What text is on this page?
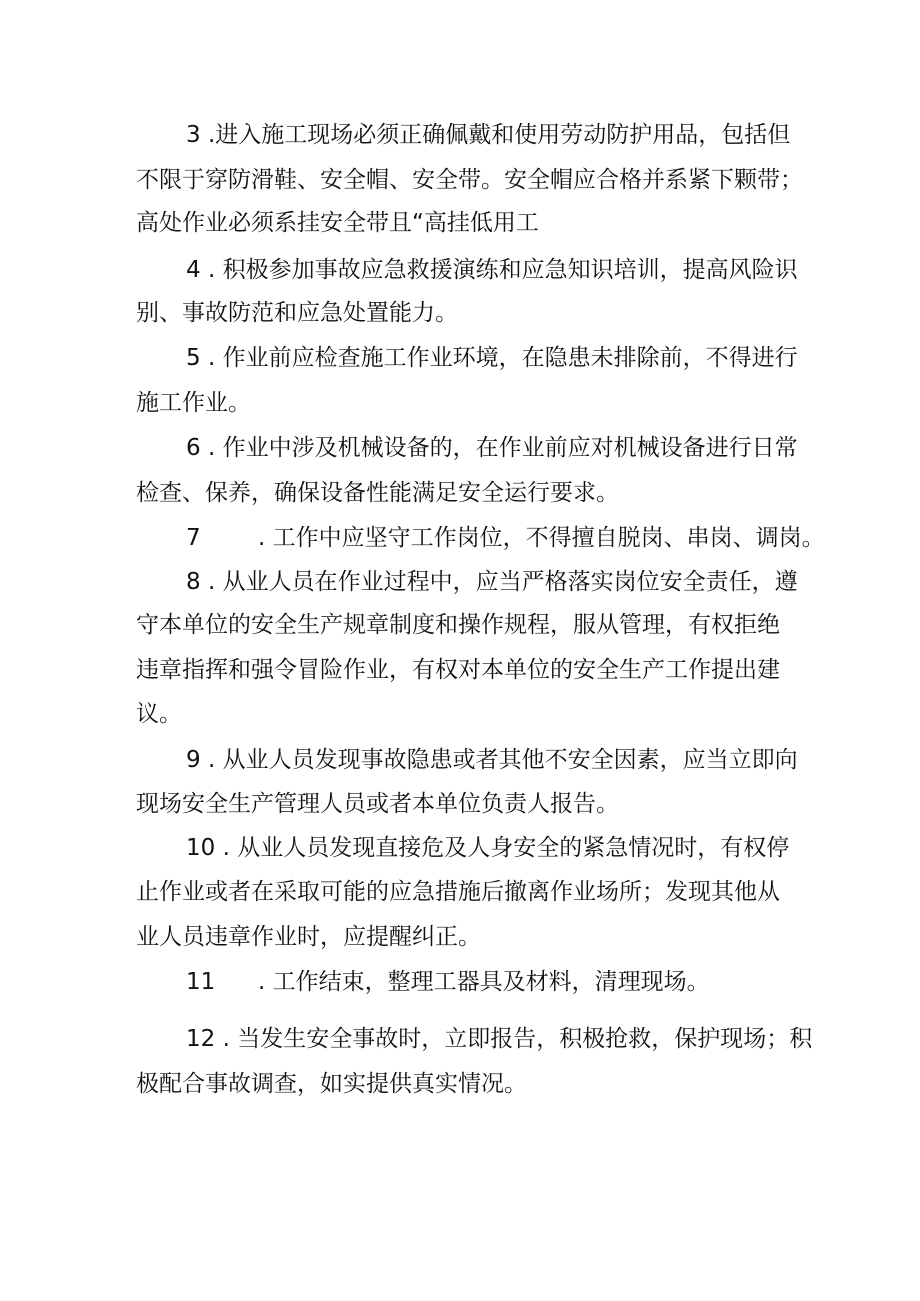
3 .进入施工现场必须正确佩戴和使用劳动防护用品，包括但
不限于穿防滑鞋、安全帽、安全带。安全帽应合格并系紧下颗带；
高处作业必须系挂安全带且“高挂低用工
4 . 积极参加事故应急救援演练和应急知识培训，提高风险识
别、事故防范和应急处置能力。
5 . 作业前应检查施工作业环境，在隐患未排除前，不得进行
施工作业。
6 . 作业中涉及机械设备的，在作业前应对机械设备进行日常
检查、保养，确保设备性能满足安全运行要求。
7 . 工作中应坚守工作岗位，不得擅自脱岗、串岗、调岗。
8 . 从业人员在作业过程中，应当严格落实岗位安全责任，遵
守本单位的安全生产规章制度和操作规程，服从管理，有权拒绝
违章指挥和强令冒险作业，有权对本单位的安全生产工作提出建
议。
9 . 从业人员发现事故隐患或者其他不安全因素，应当立即向
现场安全生产管理人员或者本单位负责人报告。
10 . 从业人员发现直接危及人身安全的紧急情况时，有权停
止作业或者在采取可能的应急措施后撤离作业场所；发现其他从
业人员违章作业时，应提醒纠正。
11 . 工作结束，整理工器具及材料，清理现场。
12 . 当发生安全事故时，立即报告，积极抢救，保护现场；积
极配合事故调查，如实提供真实情况。
